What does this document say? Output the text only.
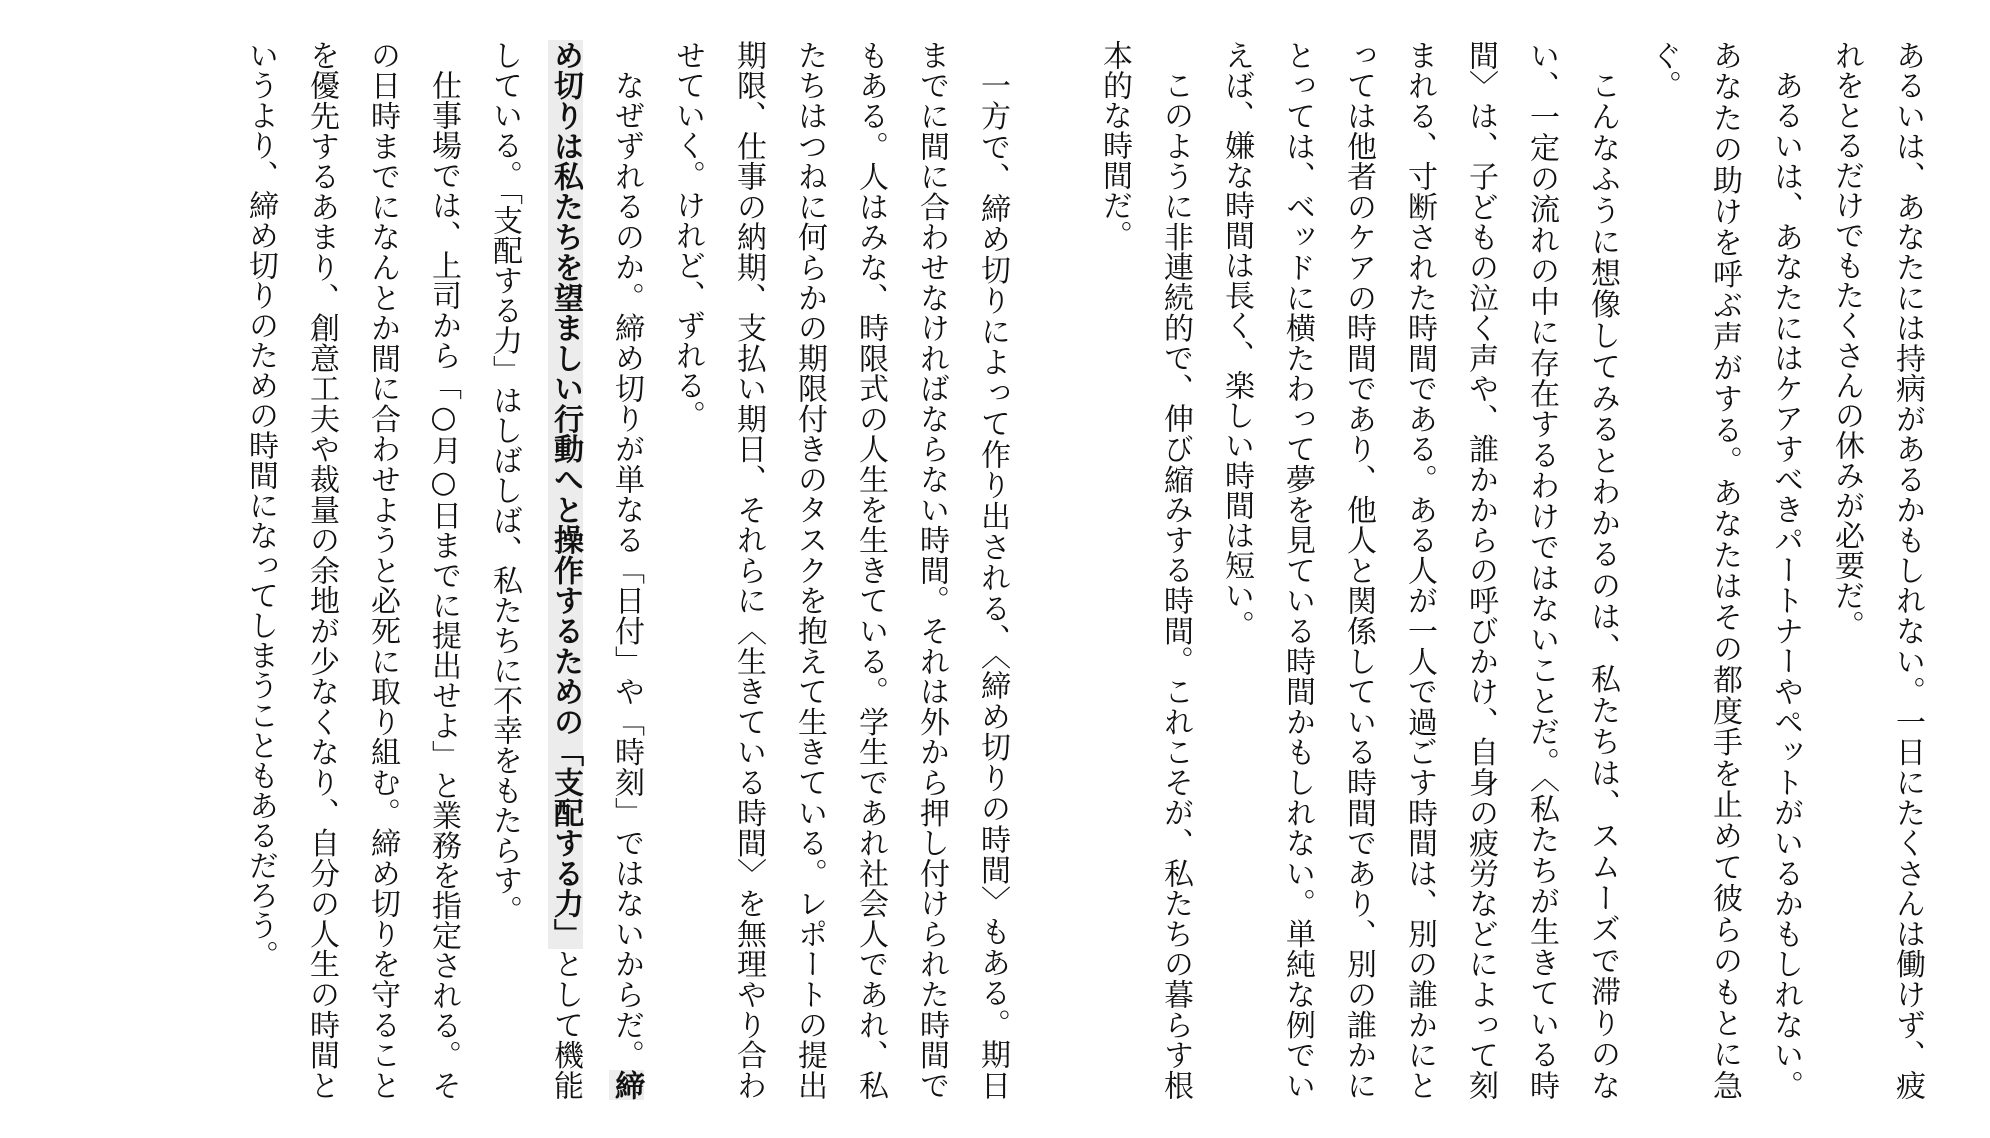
あるいは、あなたには持病があるかもしれない。一日にたくさんは働けず、疲れをとるだけでもたくさんの休みが必要だ。

あるいは、あなたにはケアすべきパートナーやペットがいるかもしれない。あなたの助けを呼ぶ声がする。あなたはその都度手を止めて彼らのもとに急ぐ。

こんなふうに想像してみるとわかるのは、私たちは、スムーズで滞りのない、一定の流れの中に存在するわけではないことだ。〈私たちが生きている時間〉は、子どもの泣く声や、誰かからの呼びかけ、自身の疲労などによって刻まれる、寸断された時間である。ある人が一人で過ごす時間は、別の誰かにとっては他者のケアの時間であり、他人と関係している時間であり、別の誰かにとっては、ベッドに横たわって夢を見ている時間かもしれない。単純な例でいえば、嫌な時間は長く、楽しい時間は短い。

このように非連続的で、伸び縮みする時間。これこそが、私たちの暮らす根本的な時間だ。

一方で、締め切りによって作り出される、〈締め切りの時間〉もある。期日までに間に合わせなければならない時間。それは外から押し付けられた時間でもある。人はみな、時限式の人生を生きている。学生であれ社会人であれ、私たちはつねに何らかの期限付きのタスクを抱えて生きている。レポートの提出期限、仕事の納期、支払い期日、それらに〈生きている時間〉を無理やり合わせていく。けれど、ずれる。

なぜずれるのか。締め切りが単なる「日付」や「時刻」ではないからだ。締め切りは私たちを望ましい行動へと操作するための「支配する力」として機能している。「支配する力」はしばしば、私たちに不幸をもたらす。

仕事場では、上司から「○月○日までに提出せよ」と業務を指定される。その日時までになんとか間に合わせようと必死に取り組む。締め切りを守ることを優先するあまり、創意工夫や裁量の余地が少なくなり、自分の人生の時間というより、締め切りのための時間になってしまうこともあるだろう。
